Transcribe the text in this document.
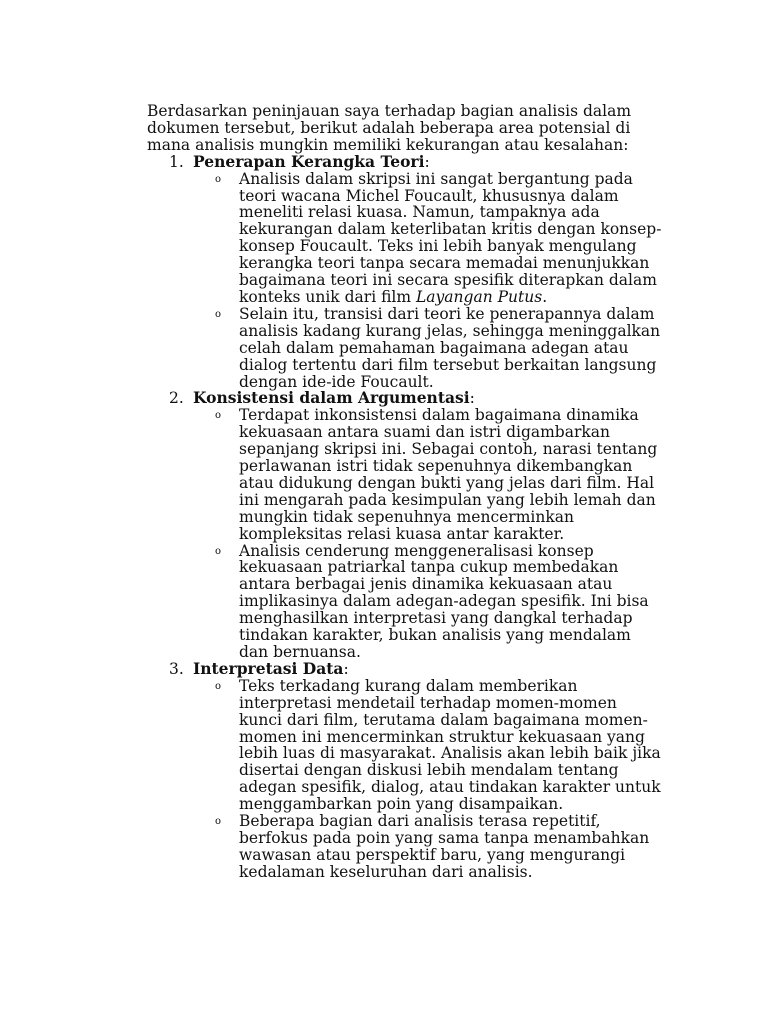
Berdasarkan peninjauan saya terhadap bagian analisis dalam dokumen tersebut, berikut adalah beberapa area potensial di mana analisis mungkin memiliki kekurangan atau kesalahan:

1. Penerapan Kerangka Teori:
o Analisis dalam skripsi ini sangat bergantung pada teori wacana Michel Foucault, khususnya dalam meneliti relasi kuasa. Namun, tampaknya ada kekurangan dalam keterlibatan kritis dengan konsep-konsep Foucault. Teks ini lebih banyak mengulang kerangka teori tanpa secara memadai menunjukkan bagaimana teori ini secara spesifik diterapkan dalam konteks unik dari film Layangan Putus.
o Selain itu, transisi dari teori ke penerapannya dalam analisis kadang kurang jelas, sehingga meninggalkan celah dalam pemahaman bagaimana adegan atau dialog tertentu dari film tersebut berkaitan langsung dengan ide-ide Foucault.
2. Konsistensi dalam Argumentasi:
o Terdapat inkonsistensi dalam bagaimana dinamika kekuasaan antara suami dan istri digambarkan sepanjang skripsi ini. Sebagai contoh, narasi tentang perlawanan istri tidak sepenuhnya dikembangkan atau didukung dengan bukti yang jelas dari film. Hal ini mengarah pada kesimpulan yang lebih lemah dan mungkin tidak sepenuhnya mencerminkan kompleksitas relasi kuasa antar karakter.
o Analisis cenderung menggeneralisasi konsep kekuasaan patriarkal tanpa cukup membedakan antara berbagai jenis dinamika kekuasaan atau implikasinya dalam adegan-adegan spesifik. Ini bisa menghasilkan interpretasi yang dangkal terhadap tindakan karakter, bukan analisis yang mendalam dan bernuansa.
3. Interpretasi Data:
o Teks terkadang kurang dalam memberikan interpretasi mendetail terhadap momen-momen kunci dari film, terutama dalam bagaimana momen-momen ini mencerminkan struktur kekuasaan yang lebih luas di masyarakat. Analisis akan lebih baik jika disertai dengan diskusi lebih mendalam tentang adegan spesifik, dialog, atau tindakan karakter untuk menggambarkan poin yang disampaikan.
o Beberapa bagian dari analisis terasa repetitif, berfokus pada poin yang sama tanpa menambahkan wawasan atau perspektif baru, yang mengurangi kedalaman keseluruhan dari analisis.
